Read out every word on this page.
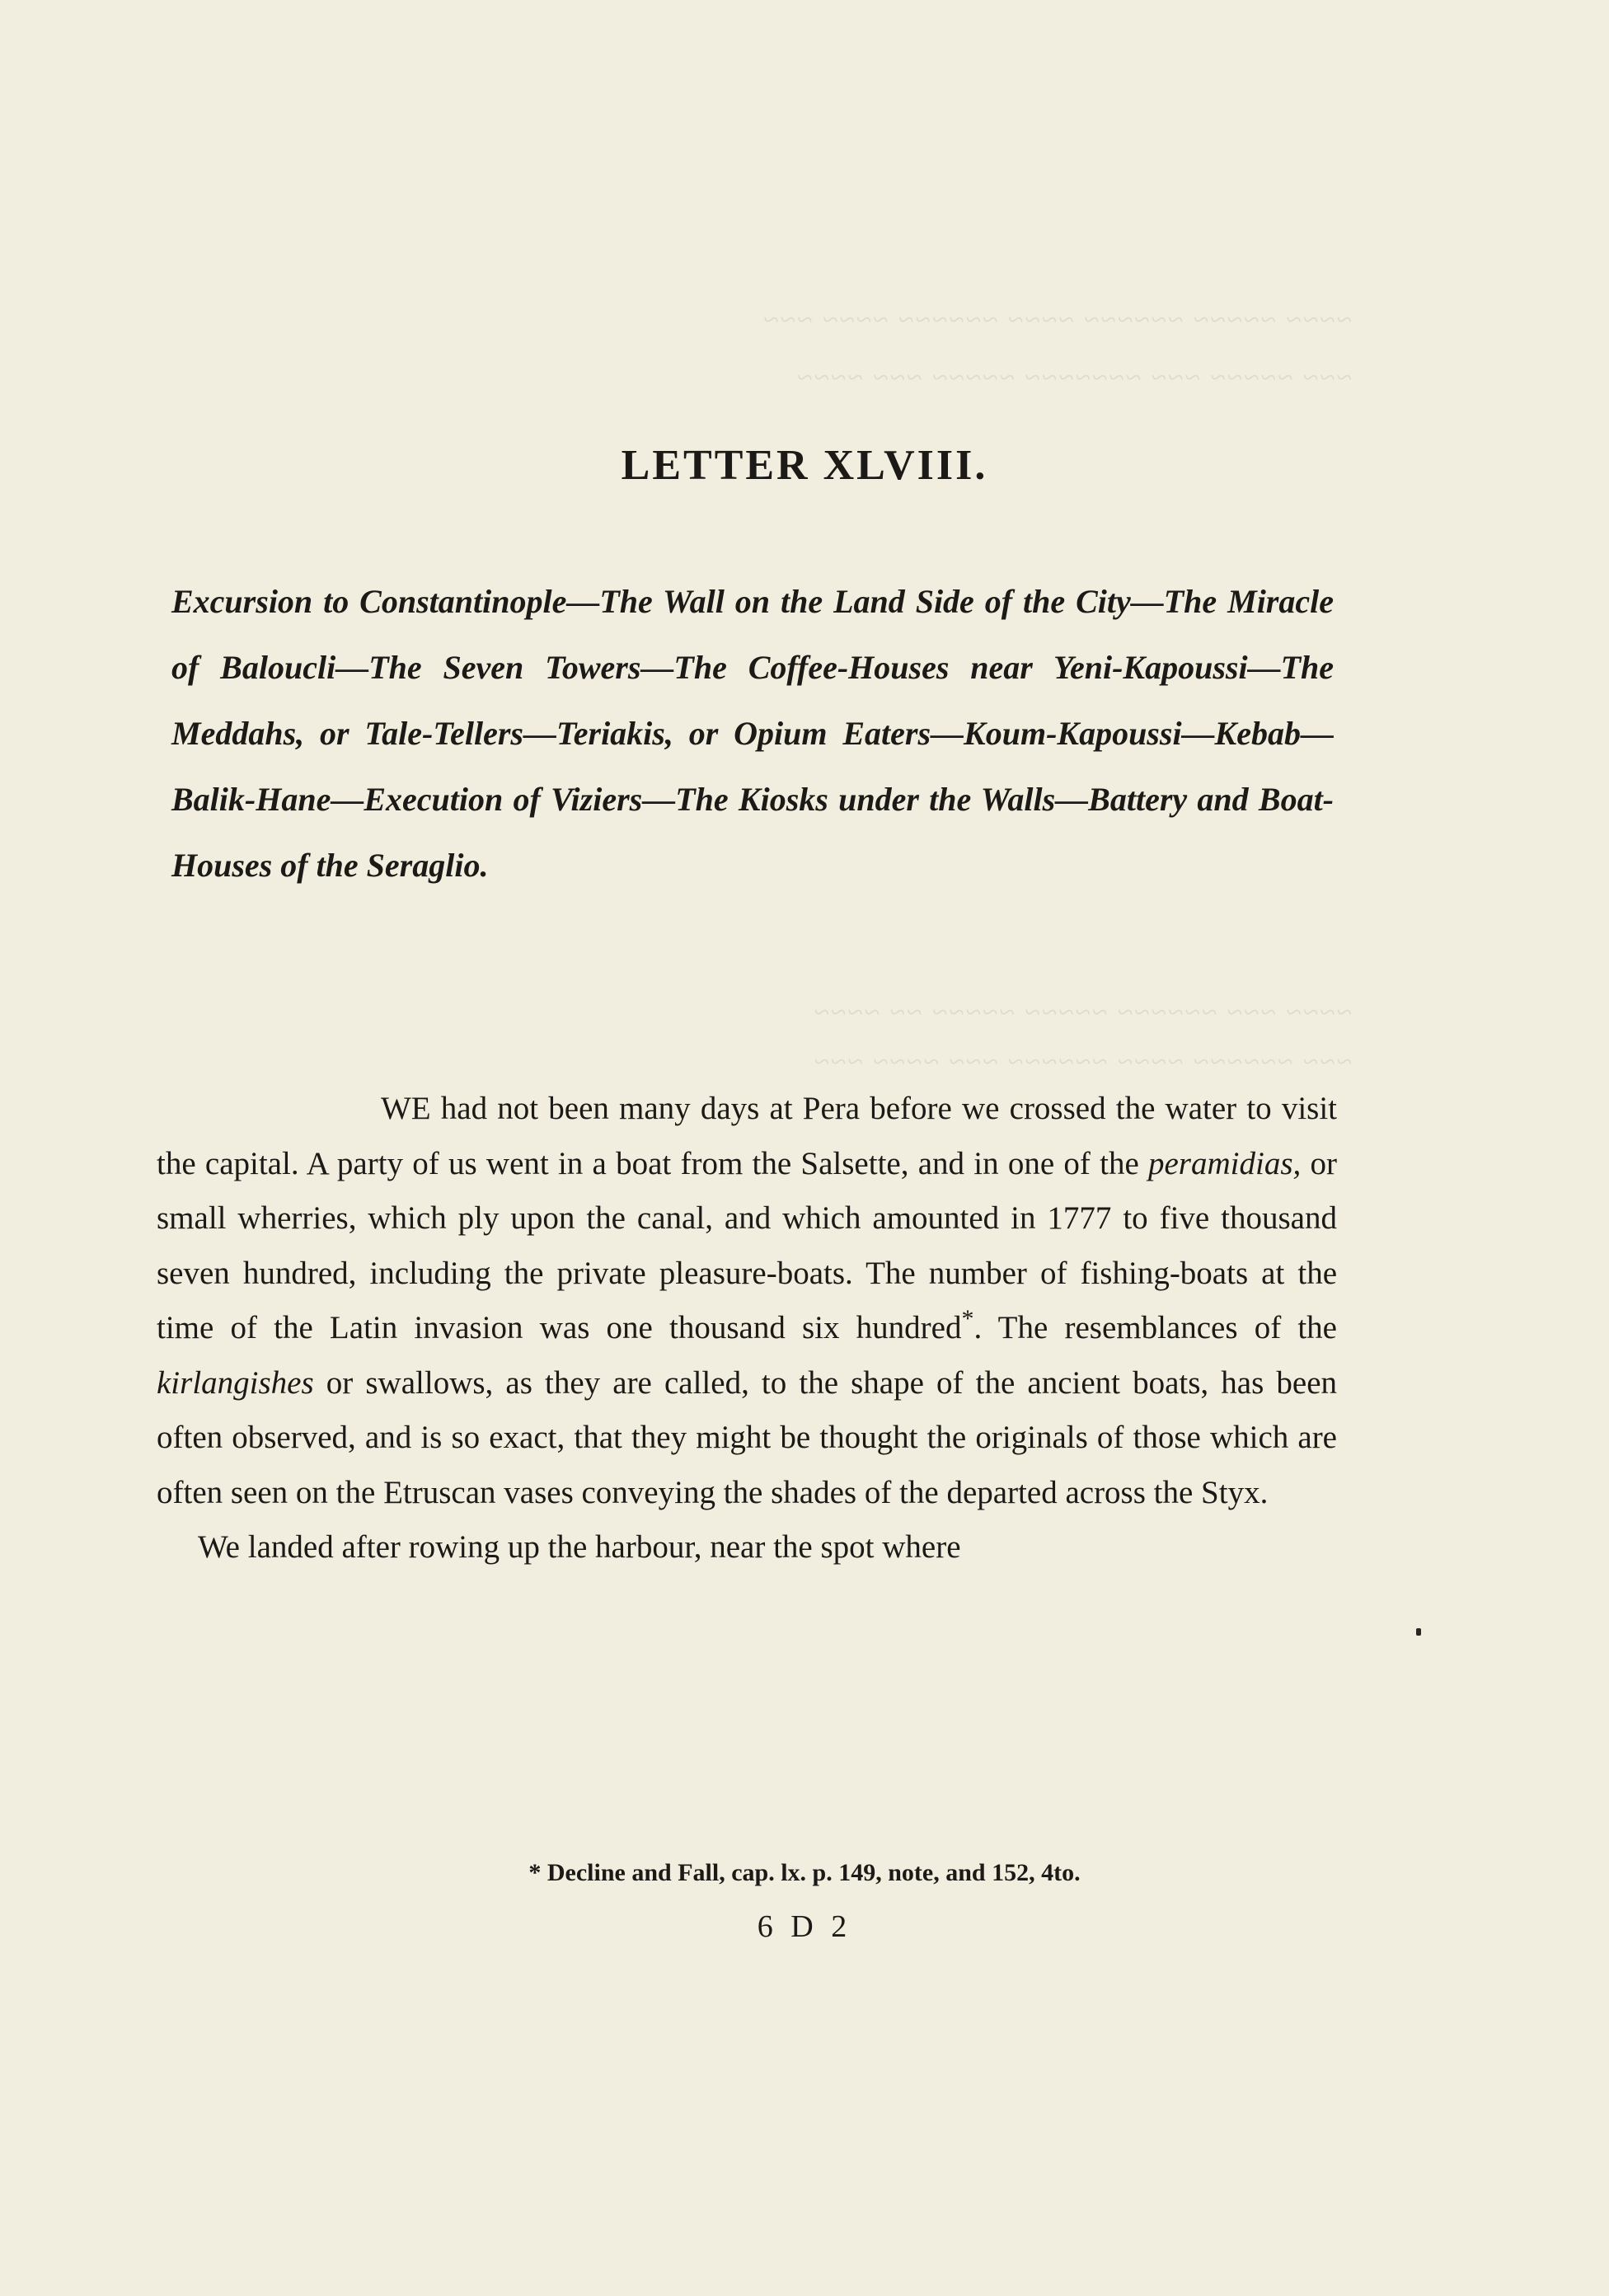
~~~~ ~~~~~ ~~~~~~ ~~~~ ~~~~~~ ~~~~ ~~~
~~~ ~~~~~ ~~~ ~~~~~~~ ~~~~~ ~~~ ~~~~
~~~~ ~~~ ~~~~~~ ~~~~~ ~~~~~ ~~ ~~~~
~~~ ~~~~~~ ~~~~ ~~~~~~ ~~~ ~~~~ ~~~
LETTER XLVIII.

Excursion to Constantinople—The Wall on the Land Side of the City—The Miracle of Baloucli—The Seven Towers—The Coffee-Houses near Yeni-Kapoussi—The Meddahs, or Tale-Tellers—Teriakis, or Opium Eaters—Koum-Kapoussi—Kebab—Balik-Hane—Execution of Viziers—The Kiosks under the Walls—Battery and Boat-Houses of the Seraglio.

WE had not been many days at Pera before we crossed the water to visit the capital. A party of us went in a boat from the Salsette, and in one of the peramidias, or small wherries, which ply upon the canal, and which amounted in 1777 to five thousand seven hundred, including the private pleasure-boats. The number of fishing-boats at the time of the Latin invasion was one thousand six hundred*. The resemblances of the kirlangishes or swallows, as they are called, to the shape of the ancient boats, has been often observed, and is so exact, that they might be thought the originals of those which are often seen on the Etruscan vases conveying the shades of the departed across the Styx.

We landed after rowing up the harbour, near the spot where

* Decline and Fall, cap. lx. p. 149, note, and 152, 4to.

6 D 2
